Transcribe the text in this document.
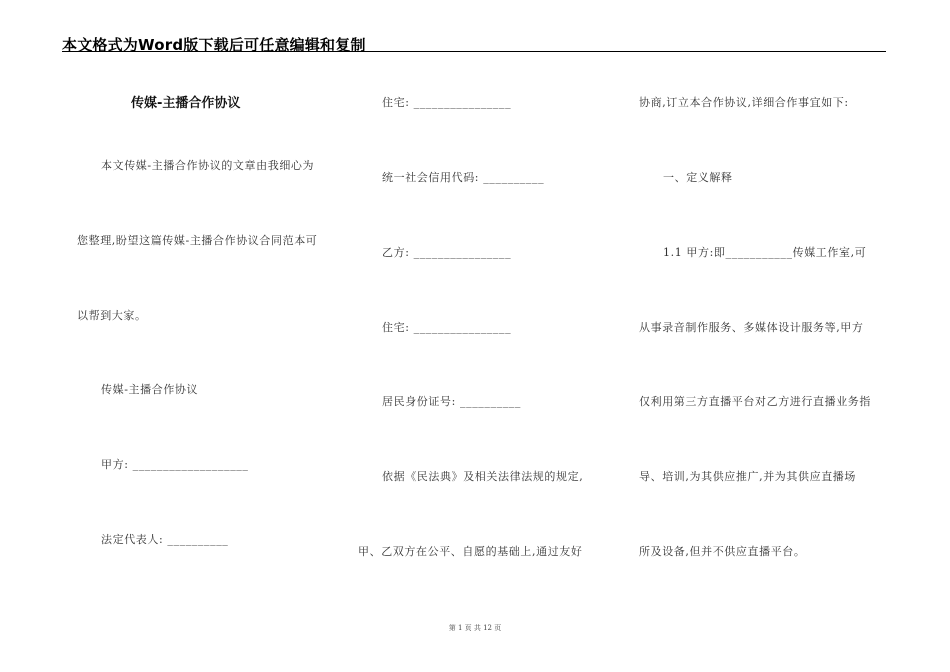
本文格式为Word版下载后可任意编辑和复制
传媒-主播合作协议
本文传媒-主播合作协议的文章由我细心为
您整理,盼望这篇传媒-主播合作协议合同范本可
以帮到大家。
传媒-主播合作协议
甲方: ___________________
法定代表人: __________
住宅: ________________
统一社会信用代码: __________
乙方: ________________
住宅: ________________
居民身份证号: __________
依据《民法典》及相关法律法规的规定,
甲、乙双方在公平、自愿的基础上,通过友好
协商,订立本合作协议,详细合作事宜如下:
一、定义解释
1.1 甲方:即___________传媒工作室,可
从事录音制作服务、多媒体设计服务等,甲方
仅利用第三方直播平台对乙方进行直播业务指
导、培训,为其供应推广,并为其供应直播场
所及设备,但并不供应直播平台。
第 1 页 共 12 页
